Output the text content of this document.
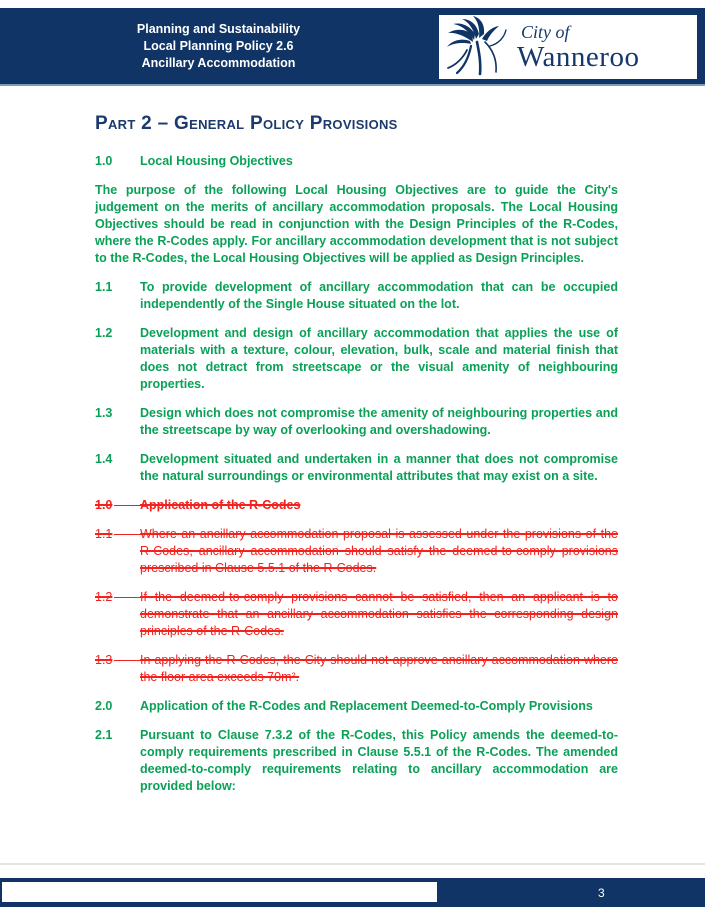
Planning and Sustainability
Local Planning Policy 2.6
Ancillary Accommodation
City of
Wanneroo
Part 2 – General Policy Provisions
1.0	Local Housing Objectives

The purpose of the following Local Housing Objectives are to guide the City's judgement on the merits of ancillary accommodation proposals. The Local Housing Objectives should be read in conjunction with the Design Principles of the R-Codes, where the R-Codes apply. For ancillary accommodation development that is not subject to the R-Codes, the Local Housing Objectives will be applied as Design Principles.

1.1	To provide development of ancillary accommodation that can be occupied independently of the Single House situated on the lot.
1.2	Development and design of ancillary accommodation that applies the use of materials with a texture, colour, elevation, bulk, scale and material finish that does not detract from streetscape or the visual amenity of neighbouring properties.
1.3	Design which does not compromise the amenity of neighbouring properties and the streetscape by way of overlooking and overshadowing.
1.4	Development situated and undertaken in a manner that does not compromise the natural surroundings or environmental attributes that may exist on a site.
1.0	Application of the R-Codes
1.1	Where an ancillary accommodation proposal is assessed under the provisions of the R-Codes, ancillary accommodation should satisfy the deemed-to-comply provisions prescribed in Clause 5.5.1 of the R-Codes.
1.2	If the deemed-to-comply provisions cannot be satisfied, then an applicant is to demonstrate that an ancillary accommodation satisfies the corresponding design principles of the R-Codes.
1.3	In applying the R-Codes, the City should not approve ancillary accommodation where the floor area exceeds 70m².
2.0	Application of the R-Codes and Replacement Deemed-to-Comply Provisions
2.1	Pursuant to Clause 7.3.2 of the R-Codes, this Policy amends the deemed-to-comply requirements prescribed in Clause 5.5.1 of the R-Codes. The amended deemed-to-comply requirements relating to ancillary accommodation are provided below:
3
